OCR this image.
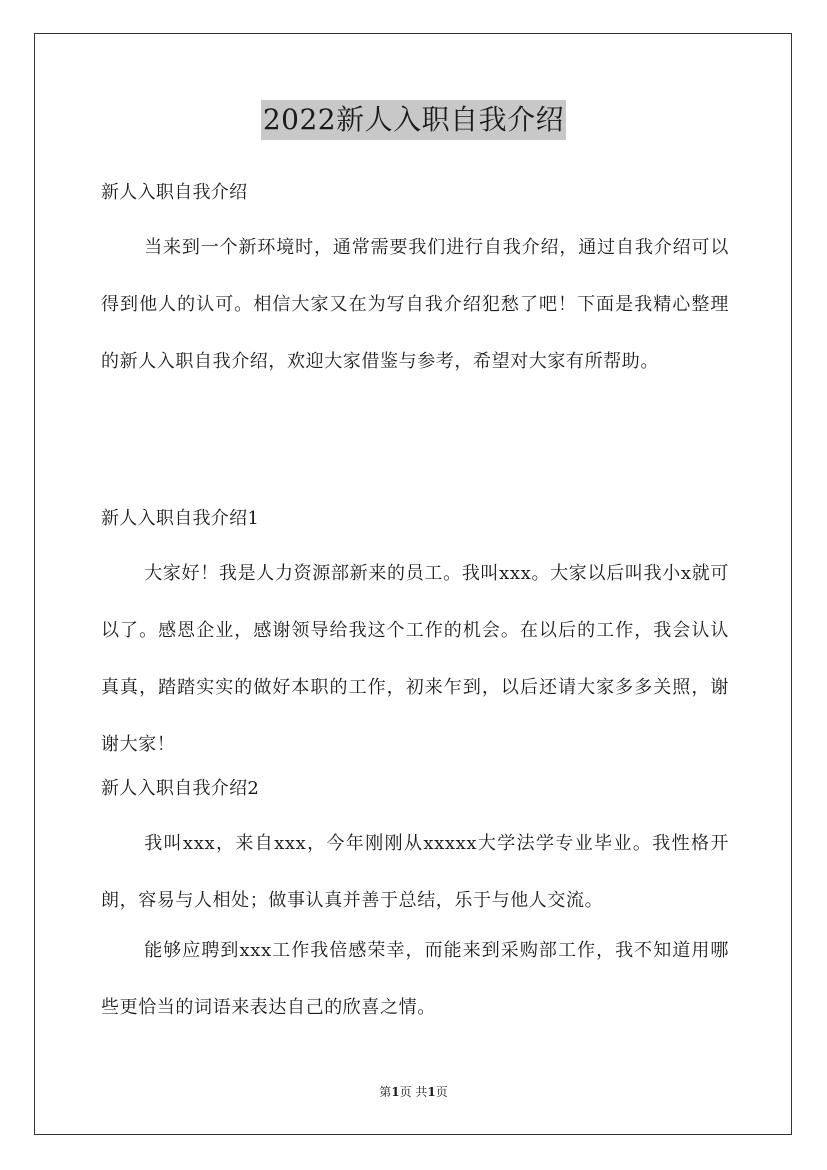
2022新人入职自我介绍

新人入职自我介绍

当来到一个新环境时，通常需要我们进行自我介绍，通过自我介绍可以得到他人的认可。相信大家又在为写自我介绍犯愁了吧！下面是我精心整理的新人入职自我介绍，欢迎大家借鉴与参考，希望对大家有所帮助。

新人入职自我介绍1

大家好！我是人力资源部新来的员工。我叫xxx。大家以后叫我小x就可以了。感恩企业，感谢领导给我这个工作的机会。在以后的工作，我会认认真真，踏踏实实的做好本职的工作，初来乍到，以后还请大家多多关照，谢谢大家！

新人入职自我介绍2

我叫xxx，来自xxx，今年刚刚从xxxxx大学法学专业毕业。我性格开朗，容易与人相处；做事认真并善于总结，乐于与他人交流。

能够应聘到xxx工作我倍感荣幸，而能来到采购部工作，我不知道用哪些更恰当的词语来表达自己的欣喜之情。

第1页 共1页
